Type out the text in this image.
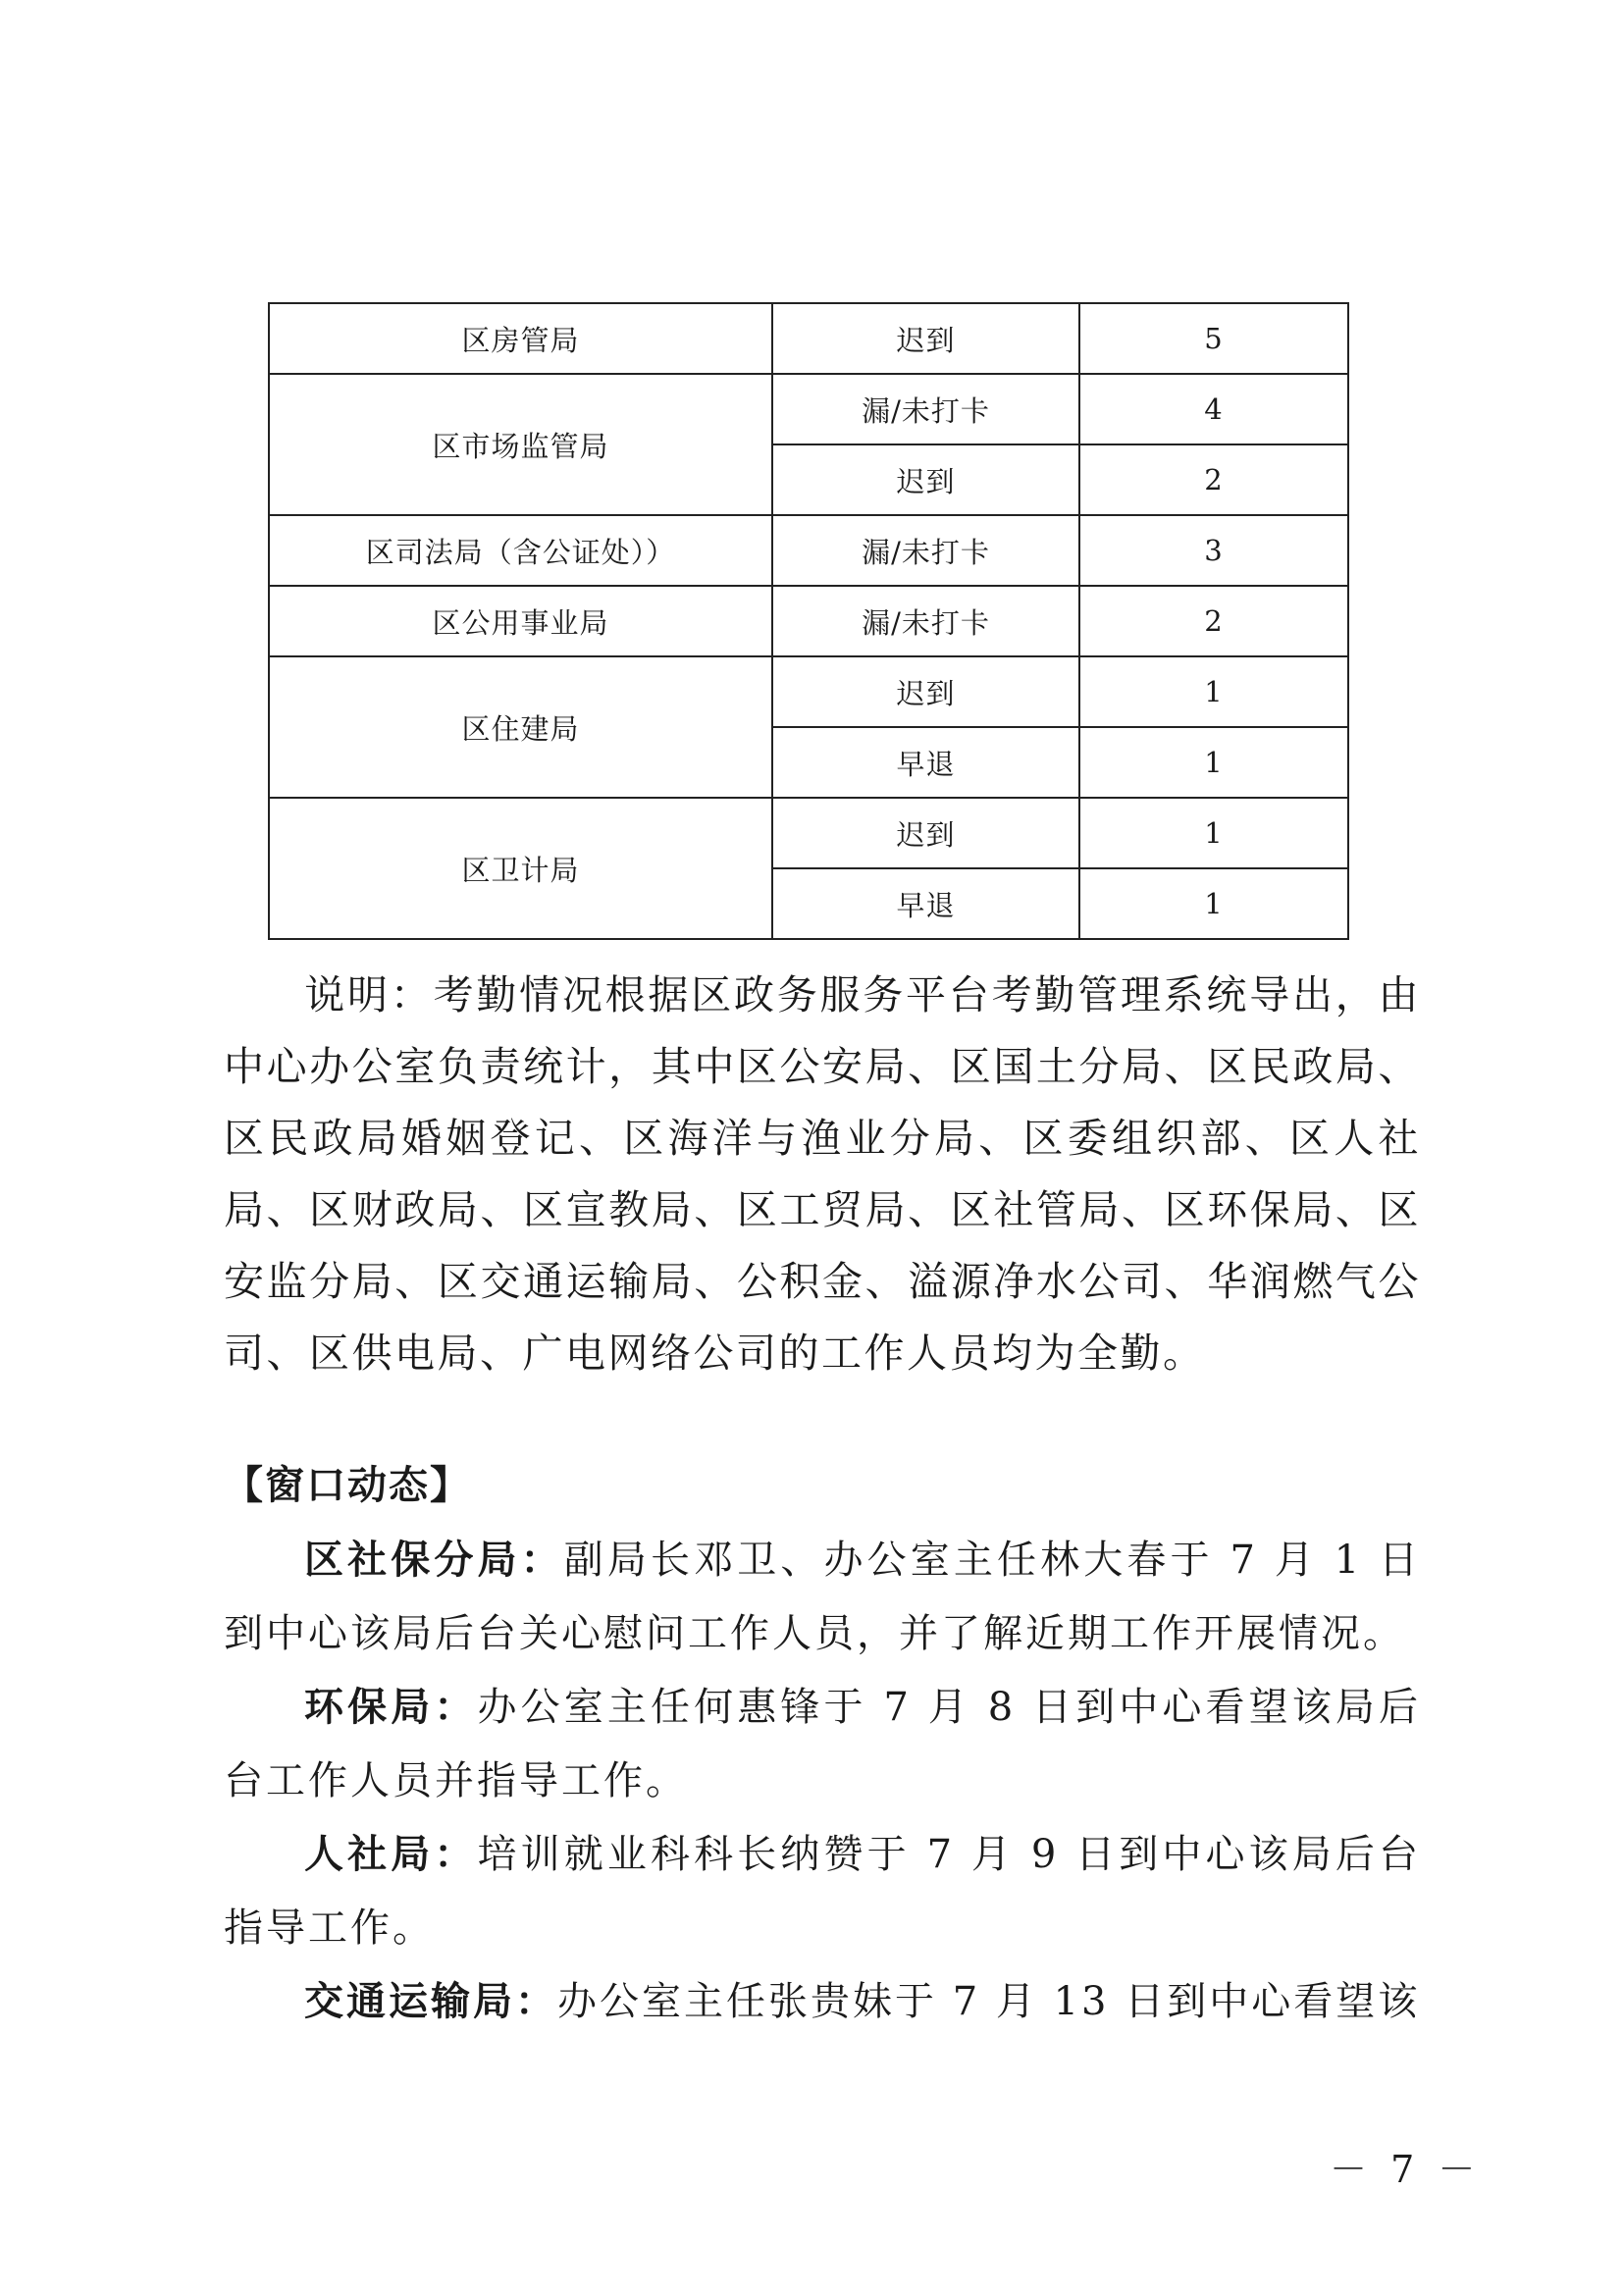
区房管局	迟到	5
区市场监管局	漏/未打卡	4
	迟到	2
区司法局（含公证处））	漏/未打卡	3
区公用事业局	漏/未打卡	2
区住建局	迟到	1
	早退	1
区卫计局	迟到	1
	早退	1

说明：考勤情况根据区政务服务平台考勤管理系统导出，由中心办公室负责统计，其中区公安局、区国土分局、区民政局、区民政局婚姻登记、区海洋与渔业分局、区委组织部、区人社局、区财政局、区宣教局、区工贸局、区社管局、区环保局、区安监分局、区交通运输局、公积金、溢源净水公司、华润燃气公司、区供电局、广电网络公司的工作人员均为全勤。

【窗口动态】

区社保分局：副局长邓卫、办公室主任林大春于 7 月 1 日到中心该局后台关心慰问工作人员，并了解近期工作开展情况。

环保局：办公室主任何惠锋于 7 月 8 日到中心看望该局后台工作人员并指导工作。

人社局：培训就业科科长纳赞于 7 月 9 日到中心该局后台指导工作。

交通运输局：办公室主任张贵妹于 7 月 13 日到中心看望该

－ 7 －
